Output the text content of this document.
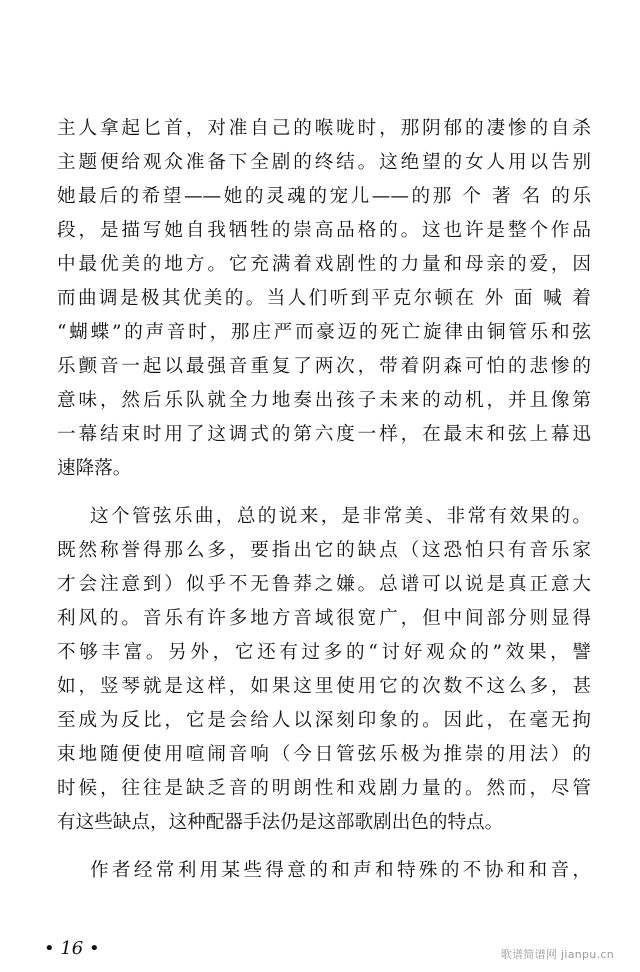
主人拿起匕首，对准自己的喉咙时，那阴郁的凄惨的自杀
主题便给观众准备下全剧的终结。这绝望的女人用以告别
她最后的希望——她的灵魂的宠儿——的那 个 著 名 的乐
段，是描写她自我牺牲的崇高品格的。这也许是整个作品
中最优美的地方。它充满着戏剧性的力量和母亲的爱，因
而曲调是极其优美的。当人们听到平克尔顿在 外 面 喊 着
“蝴蝶”的声音时，那庄严而豪迈的死亡旋律由铜管乐和弦
乐颤音一起以最强音重复了两次，带着阴森可怕的悲惨的
意味，然后乐队就全力地奏出孩子未来的动机，并且像第
一幕结束时用了这调式的第六度一样，在最末和弦上幕迅
速降落。
这个管弦乐曲，总的说来，是非常美、非常有效果的。
既然称誉得那么多，要指出它的缺点（这恐怕只有音乐家
才会注意到）似乎不无鲁莽之嫌。总谱可以说是真正意大
利风的。音乐有许多地方音域很宽广，但中间部分则显得
不够丰富。另外，它还有过多的“讨好观众的”效果，譬
如，竖琴就是这样，如果这里使用它的次数不这么多，甚
至成为反比，它是会给人以深刻印象的。因此，在毫无拘
束地随便使用喧闹音响（今日管弦乐极为推崇的用法）的
时候，往往是缺乏音的明朗性和戏剧力量的。然而，尽管
有这些缺点，这种配器手法仍是这部歌剧出色的特点。
作者经常利用某些得意的和声和特殊的不协和和音，
• 16 •	歌谱简谱网 jianpu.cn
